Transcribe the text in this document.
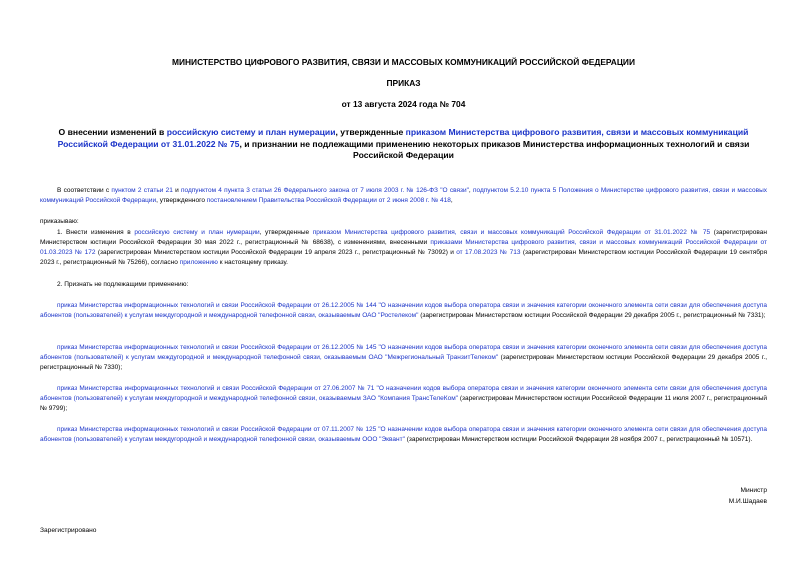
МИНИСТЕРСТВО ЦИФРОВОГО РАЗВИТИЯ, СВЯЗИ И МАССОВЫХ КОММУНИКАЦИЙ РОССИЙСКОЙ ФЕДЕРАЦИИ
ПРИКАЗ
от 13 августа 2024 года № 704
О внесении изменений в российскую систему и план нумерации, утвержденные приказом Министерства цифрового развития, связи и массовых коммуникаций Российской Федерации от 31.01.2022 № 75, и признании не подлежащими применению некоторых приказов Министерства информационных технологий и связи Российской Федерации
В соответствии с пунктом 2 статьи 21 и подпунктом 4 пункта 3 статьи 26 Федерального закона от 7 июля 2003 г. № 126-ФЗ "О связи", подпунктом 5.2.10 пункта 5 Положения о Министерстве цифрового развития, связи и массовых коммуникаций Российской Федерации, утвержденного постановлением Правительства Российской Федерации от 2 июня 2008 г. № 418,
приказываю:
1. Внести изменения в российскую систему и план нумерации, утвержденные приказом Министерства цифрового развития, связи и массовых коммуникаций Российской Федерации от 31.01.2022 № 75 (зарегистрирован Министерством юстиции Российской Федерации 30 мая 2022 г., регистрационный № 68638), с изменениями, внесенными приказами Министерства цифрового развития, связи и массовых коммуникаций Российской Федерации от 01.03.2023 № 172 (зарегистрирован Министерством юстиции Российской Федерации 19 апреля 2023 г., регистрационный № 73092) и от 17.08.2023 № 713 (зарегистрирован Министерством юстиции Российской Федерации 19 сентября 2023 г., регистрационный № 75266), согласно приложению к настоящему приказу.
2. Признать не подлежащими применению:
приказ Министерства информационных технологий и связи Российской Федерации от 26.12.2005 № 144 "О назначении кодов выбора оператора связи и значения категории оконечного элемента сети связи для обеспечения доступа абонентов (пользователей) к услугам междугородной и международной телефонной связи, оказываемым ОАО "Ростелеком" (зарегистрирован Министерством юстиции Российской Федерации 29 декабря 2005 г., регистрационный № 7331);
приказ Министерства информационных технологий и связи Российской Федерации от 26.12.2005 № 145 "О назначении кодов выбора оператора связи и значения категории оконечного элемента сети связи для обеспечения доступа абонентов (пользователей) к услугам междугородной и международной телефонной связи, оказываемым ОАО "Межрегиональный ТранзитТелеком" (зарегистрирован Министерством юстиции Российской Федерации 29 декабря 2005 г., регистрационный № 7330);
приказ Министерства информационных технологий и связи Российской Федерации от 27.06.2007 № 71 "О назначении кодов выбора оператора связи и значения категории оконечного элемента сети связи для обеспечения доступа абонентов (пользователей) к услугам междугородной и международной телефонной связи, оказываемым ЗАО "Компания ТрансТелеКом" (зарегистрирован Министерством юстиции Российской Федерации 11 июля 2007 г., регистрационный № 9799);
приказ Министерства информационных технологий и связи Российской Федерации от 07.11.2007 № 125 "О назначении кодов выбора оператора связи и значения категории оконечного элемента сети связи для обеспечения доступа абонентов (пользователей) к услугам междугородной и международной телефонной связи, оказываемым ООО "Эквант" (зарегистрирован Министерством юстиции Российской Федерации 28 ноября 2007 г., регистрационный № 10571).
Министр
М.И.Шадаев
Зарегистрировано
